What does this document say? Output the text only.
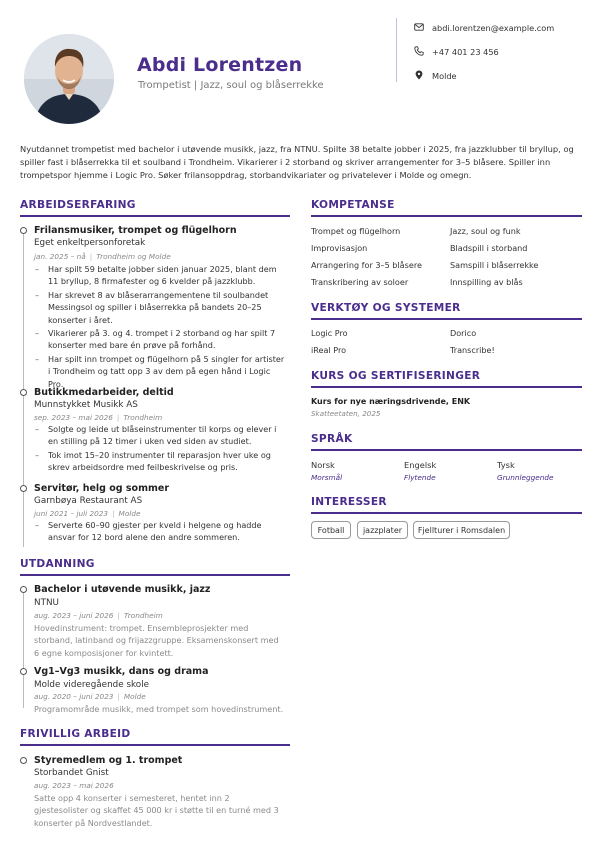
Abdi Lorentzen
Trompetist | Jazz, soul og blåserrekke
abdi.lorentzen@example.com
+47 401 23 456
Molde
Nyutdannet trompetist med bachelor i utøvende musikk, jazz, fra NTNU. Spilte 38 betalte jobber i 2025, fra jazzklubber til bryllup, og spiller fast i blåserrekka til et soulband i Trondheim. Vikarierer i 2 storband og skriver arrangementer for 3–5 blåsere. Spiller inn trompetspor hjemme i Logic Pro. Søker frilansoppdrag, storbandvikariater og privatelever i Molde og omegn.
ARBEIDSERFARING
Frilansmusiker, trompet og flügelhorn
Eget enkeltpersonforetak
jan. 2025 – nå | Trondheim og Molde
– Har spilt 59 betalte jobber siden januar 2025, blant dem 11 bryllup, 8 firmafester og 6 kvelder på jazzklubb.
– Har skrevet 8 av blåserarrangementene til soulbandet Messingsol og spiller i blåserrekka på bandets 20–25 konserter i året.
– Vikarierer på 3. og 4. trompet i 2 storband og har spilt 7 konserter med bare én prøve på forhånd.
– Har spilt inn trompet og flügelhorn på 5 singler for artister i Trondheim og tatt opp 3 av dem på egen hånd i Logic Pro.
Butikkmedarbeider, deltid
Munnstykket Musikk AS
sep. 2023 – mai 2026 | Trondheim
– Solgte og leide ut blåseinstrumenter til korps og elever i en stilling på 12 timer i uken ved siden av studiet.
– Tok imot 15–20 instrumenter til reparasjon hver uke og skrev arbeidsordre med feilbeskrivelse og pris.
Servitør, helg og sommer
Garnbøya Restaurant AS
juni 2021 – juli 2023 | Molde
– Serverte 60–90 gjester per kveld i helgene og hadde ansvar for 12 bord alene den andre sommeren.
UTDANNING
Bachelor i utøvende musikk, jazz
NTNU
aug. 2023 – juni 2026 | Trondheim
Hovedinstrument: trompet. Ensembleprosjekter med storband, latinband og frijazzgruppe. Eksamenskonsert med 6 egne komposisjoner for kvintett.
Vg1–Vg3 musikk, dans og drama
Molde videregående skole
aug. 2020 – juni 2023 | Molde
Programområde musikk, med trompet som hovedinstrument.
FRIVILLIG ARBEID
Styremedlem og 1. trompet
Storbandet Gnist
aug. 2023 – mai 2026
Satte opp 4 konserter i semesteret, hentet inn 2 gjestesolister og skaffet 45 000 kr i støtte til en turné med 3 konserter på Nordvestlandet.
KOMPETANSE
Trompet og flügelhorn	Jazz, soul og funk
Improvisasjon	Bladspill i storband
Arrangering for 3–5 blåsere	Samspill i blåserrekke
Transkribering av soloer	Innspilling av blås
VERKTØY OG SYSTEMER
Logic Pro	Dorico
iReal Pro	Transcribe!
KURS OG SERTIFISERINGER
Kurs for nye næringsdrivende, ENK
Skatteetaten, 2025
SPRÅK
Norsk
Morsmål
Engelsk
Flytende
Tysk
Grunnleggende
INTERESSER
Fotball	jazzplater	Fjellturer i Romsdalen
